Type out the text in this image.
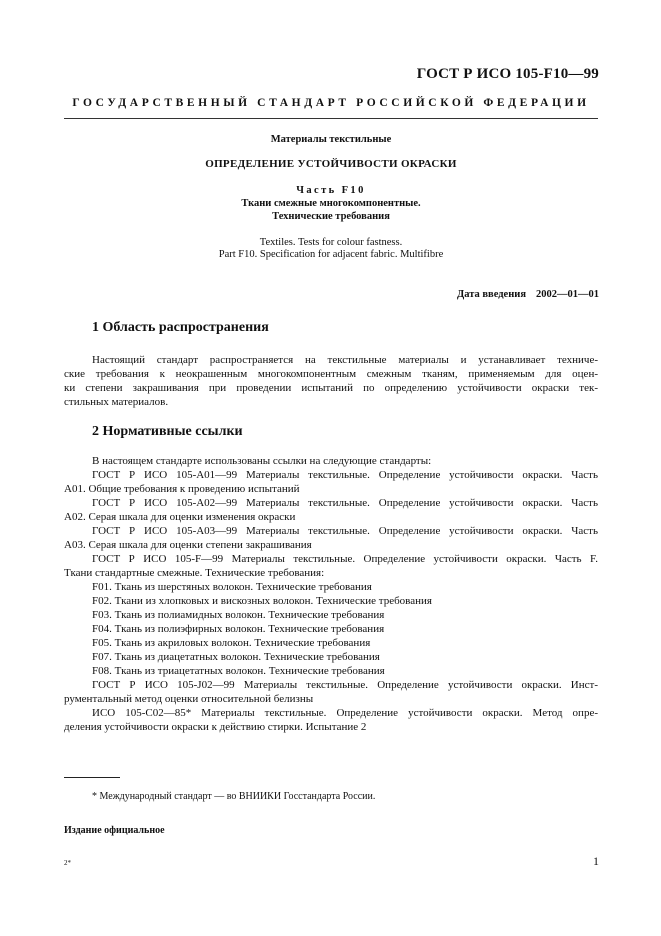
ГОСТ Р ИСО 105-F10—99
ГОСУДАРСТВЕННЫЙ СТАНДАРТ РОССИЙСКОЙ ФЕДЕРАЦИИ
Материалы текстильные
ОПРЕДЕЛЕНИЕ УСТОЙЧИВОСТИ ОКРАСКИ
Часть F10
Ткани смежные многокомпонентные.
Технические требования
Textiles. Tests for colour fastness.
Part F10. Specification for adjacent fabric. Multifibre
Дата введения 2002—01—01
1 Область распространения
Настоящий стандарт распространяется на текстильные материалы и устанавливает техниче-
ские требования к неокрашенным многокомпонентным смежным тканям, применяемым для оцен-
ки степени закрашивания при проведении испытаний по определению устойчивости окраски тек-
стильных материалов.
2 Нормативные ссылки
В настоящем стандарте использованы ссылки на следующие стандарты:
ГОСТ Р ИСО 105-A01—99 Материалы текстильные. Определение устойчивости окраски. Часть
A01. Общие требования к проведению испытаний
ГОСТ Р ИСО 105-A02—99 Материалы текстильные. Определение устойчивости окраски. Часть
A02. Серая шкала для оценки изменения окраски
ГОСТ Р ИСО 105-A03—99 Материалы текстильные. Определение устойчивости окраски. Часть
A03. Серая шкала для оценки степени закрашивания
ГОСТ Р ИСО 105-F—99 Материалы текстильные. Определение устойчивости окраски. Часть F.
Ткани стандартные смежные. Технические требования:
F01. Ткань из шерстяных волокон. Технические требования
F02. Ткани из хлопковых и вискозных волокон. Технические требования
F03. Ткань из полиамидных волокон. Технические требования
F04. Ткань из полиэфирных волокон. Технические требования
F05. Ткань из акриловых волокон. Технические требования
F07. Ткань из диацетатных волокон. Технические требования
F08. Ткань из триацетатных волокон. Технические требования
ГОСТ Р ИСО 105-J02—99 Материалы текстильные. Определение устойчивости окраски. Инст-
рументальный метод оценки относительной белизны
ИСО 105-C02—85* Материалы текстильные. Определение устойчивости окраски. Метод опре-
деления устойчивости окраски к действию стирки. Испытание 2
* Международный стандарт — во ВНИИКИ Госстандарта России.
Издание официальное
2*	1
